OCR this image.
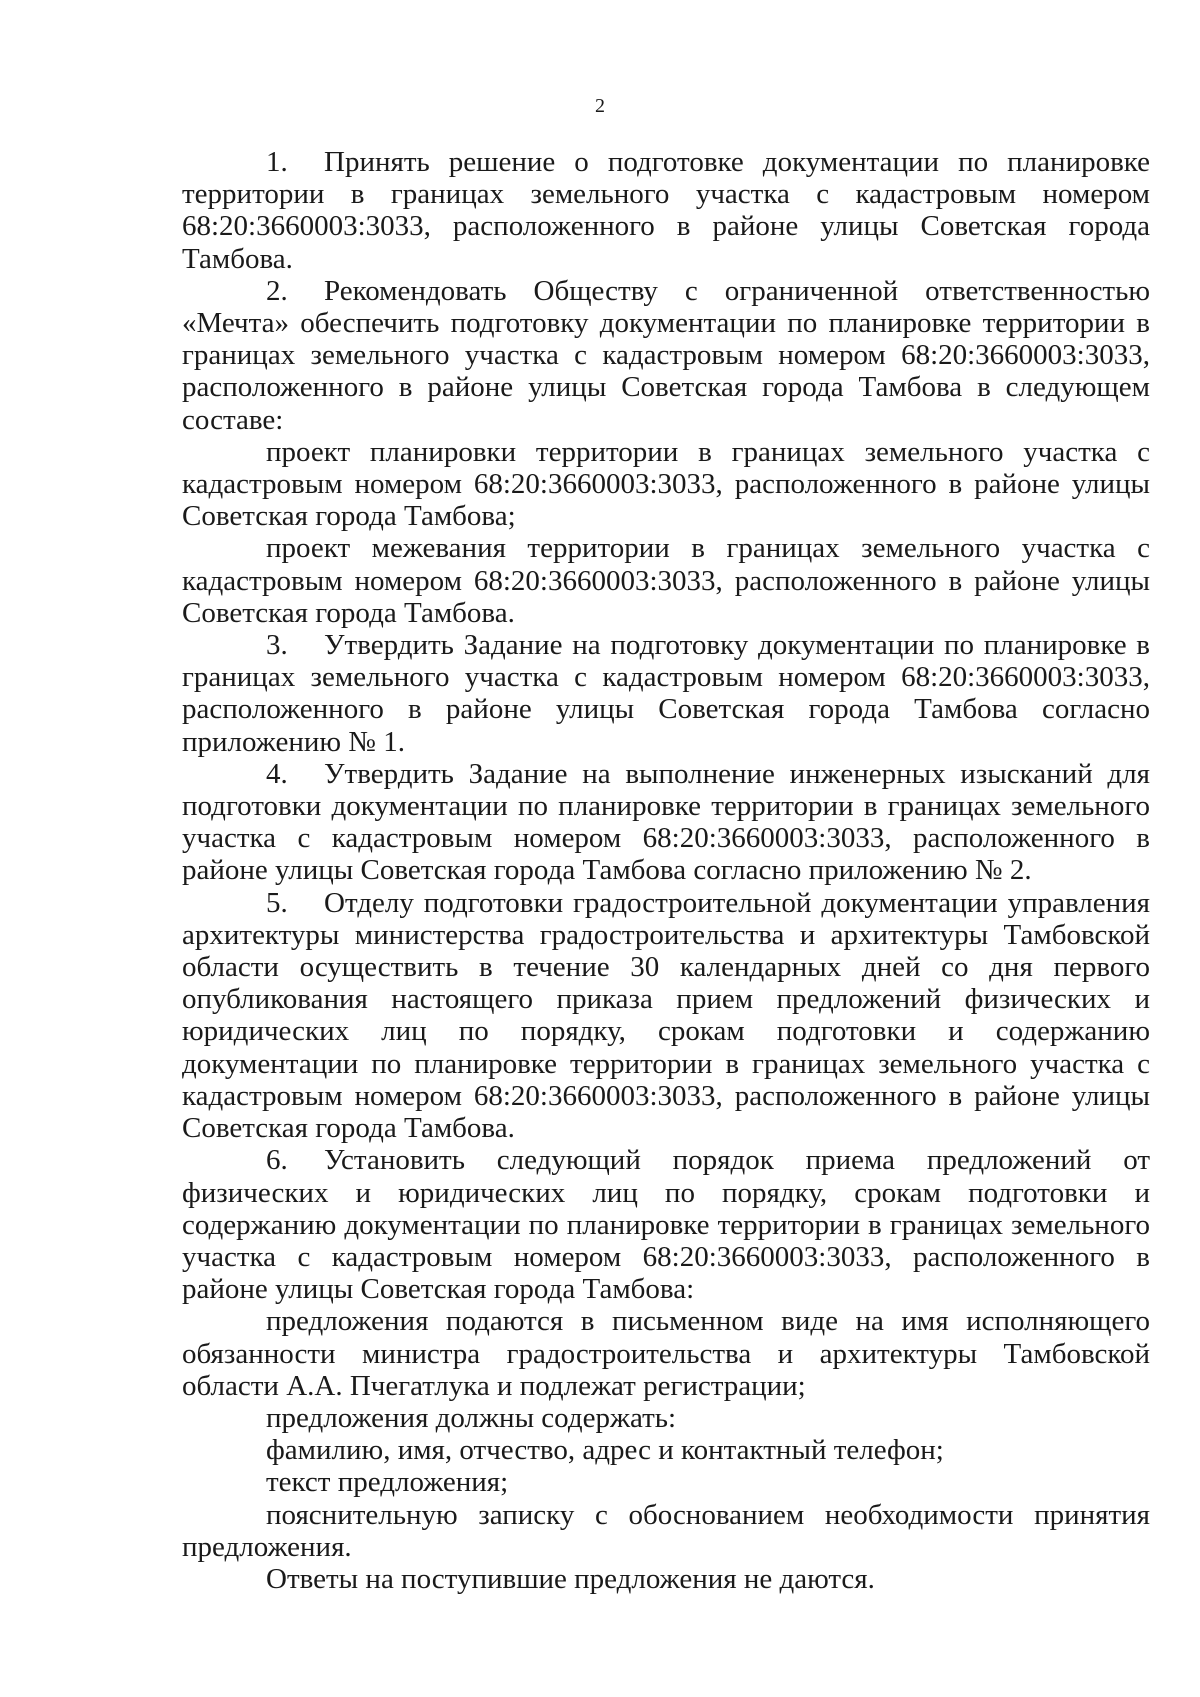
2

1. Принять решение о подготовке документации по планировке территории в границах земельного участка с кадастровым номером 68:20:3660003:3033, расположенного в районе улицы Советская города Тамбова.

2. Рекомендовать Обществу с ограниченной ответственностью «Мечта» обеспечить подготовку документации по планировке территории в границах земельного участка с кадастровым номером 68:20:3660003:3033, расположенного в районе улицы Советская города Тамбова в следующем составе:

проект планировки территории в границах земельного участка с кадастровым номером 68:20:3660003:3033, расположенного в районе улицы Советская города Тамбова;

проект межевания территории в границах земельного участка с кадастровым номером 68:20:3660003:3033, расположенного в районе улицы Советская города Тамбова.

3. Утвердить Задание на подготовку документации по планировке в границах земельного участка с кадастровым номером 68:20:3660003:3033, расположенного в районе улицы Советская города Тамбова согласно приложению № 1.

4. Утвердить Задание на выполнение инженерных изысканий для подготовки документации по планировке территории в границах земельного участка с кадастровым номером 68:20:3660003:3033, расположенного в районе улицы Советская города Тамбова согласно приложению № 2.

5. Отделу подготовки градостроительной документации управления архитектуры министерства градостроительства и архитектуры Тамбовской области осуществить в течение 30 календарных дней со дня первого опубликования настоящего приказа прием предложений физических и юридических лиц по порядку, срокам подготовки и содержанию документации по планировке территории в границах земельного участка с кадастровым номером 68:20:3660003:3033, расположенного в районе улицы Советская города Тамбова.

6. Установить следующий порядок приема предложений от физических и юридических лиц по порядку, срокам подготовки и содержанию документации по планировке территории в границах земельного участка с кадастровым номером 68:20:3660003:3033, расположенного в районе улицы Советская города Тамбова:

предложения подаются в письменном виде на имя исполняющего обязанности министра градостроительства и архитектуры Тамбовской области А.А. Пчегатлука и подлежат регистрации;

предложения должны содержать:

фамилию, имя, отчество, адрес и контактный телефон;

текст предложения;

пояснительную записку с обоснованием необходимости принятия предложения.

Ответы на поступившие предложения не даются.
